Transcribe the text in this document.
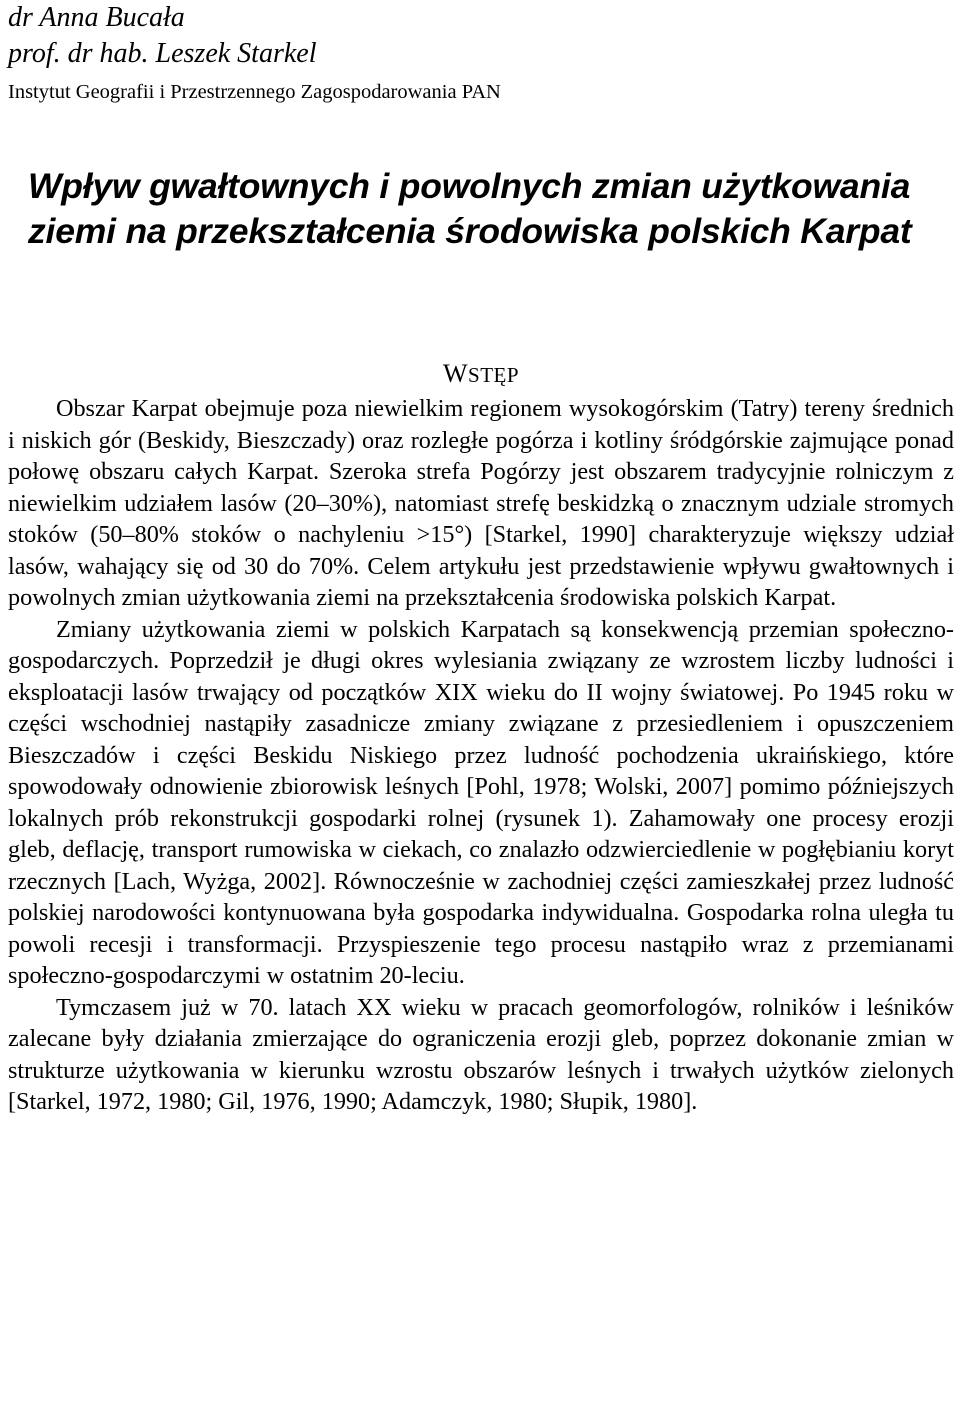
dr Anna Bucała

prof. dr hab. Leszek Starkel

Instytut Geografii i Przestrzennego Zagospodarowania PAN

Wpływ gwałtownych i powolnych zmian użytkowania
ziemi na przekształcenia środowiska polskich Karpat
WSTĘP

Obszar Karpat obejmuje poza niewielkim regionem wysokogórskim (Tatry) tereny średnich i niskich gór (Beskidy, Bieszczady) oraz rozległe pogórza i kotliny śródgórskie zajmujące ponad połowę obszaru całych Karpat. Szeroka strefa Pogórzy jest obszarem tradycyjnie rolniczym z niewielkim udziałem lasów (20–30%), natomiast strefę beskidzką o znacznym udziale stromych stoków (50–80% stoków o nachyleniu >15°) [Starkel, 1990] charakteryzuje większy udział lasów, wahający się od 30 do 70%. Celem artykułu jest przedstawienie wpływu gwałtownych i powolnych zmian użytkowania ziemi na przekształcenia środowiska polskich Karpat.

Zmiany użytkowania ziemi w polskich Karpatach są konsekwencją przemian społeczno-gospodarczych. Poprzedził je długi okres wylesiania związany ze wzrostem liczby ludności i eksploatacji lasów trwający od początków XIX wieku do II wojny światowej. Po 1945 roku w części wschodniej nastąpiły zasadnicze zmiany związane z przesiedleniem i opuszczeniem Bieszczadów i części Beskidu Niskiego przez ludność pochodzenia ukraińskiego, które spowodowały odnowienie zbiorowisk leśnych [Pohl, 1978; Wolski, 2007] pomimo późniejszych lokalnych prób rekonstrukcji gospodarki rolnej (rysunek 1). Zahamowały one procesy erozji gleb, deflację, transport rumowiska w ciekach, co znalazło odzwierciedlenie w pogłębianiu koryt rzecznych [Lach, Wyżga, 2002]. Równocześnie w zachodniej części zamieszkałej przez ludność polskiej narodowości kontynuowana była gospodarka indywidualna. Gospodarka rolna uległa tu powoli recesji i transformacji. Przyspieszenie tego procesu nastąpiło wraz z przemianami społeczno-gospodarczymi w ostatnim 20-leciu.

Tymczasem już w 70. latach XX wieku w pracach geomorfologów, rolników i leśników zalecane były działania zmierzające do ograniczenia erozji gleb, poprzez dokonanie zmian w strukturze użytkowania w kierunku wzrostu obszarów leśnych i trwałych użytków zielonych [Starkel, 1972, 1980; Gil, 1976, 1990; Adamczyk, 1980; Słupik, 1980].
